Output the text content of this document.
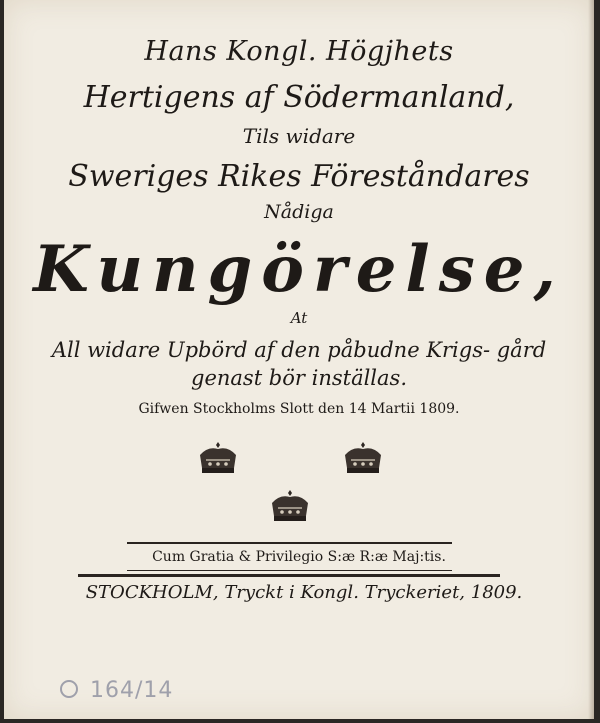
Hans Kongl. Högjhets
Hertigens af Södermanland,
Tils widare
Sweriges Rikes Föreståndares
Nådiga
Kungörelse,
At
All widare Upbörd af den påbudne Krigs- gård genast bör inställas.
Gifwen Stockholms Slott den 14 Martii 1809.
Cum Gratia & Privilegio S:æ R:æ Maj:tis.
STOCKHOLM, Tryckt i Kongl. Tryckeriet, 1809.
164/14
